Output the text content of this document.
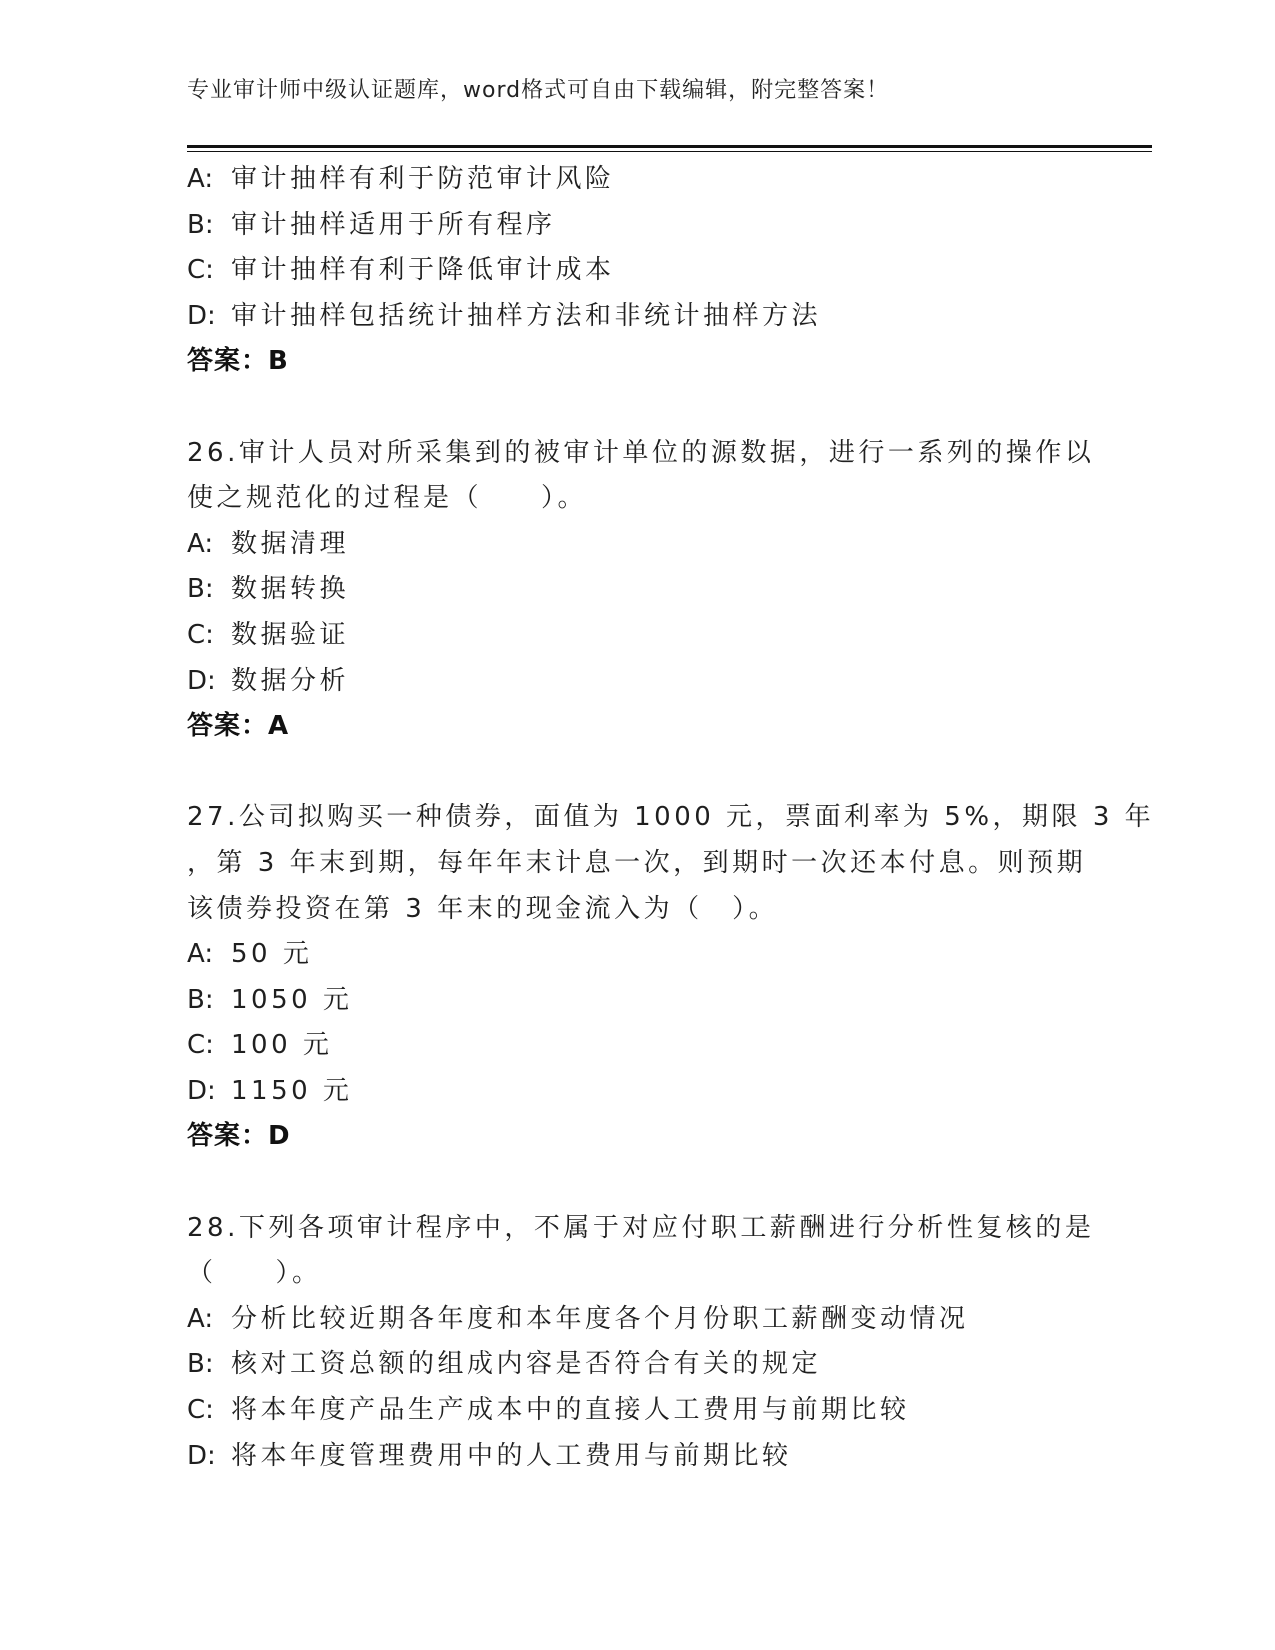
专业审计师中级认证题库，word格式可自由下载编辑，附完整答案！
A: 审计抽样有利于防范审计风险
B: 审计抽样适用于所有程序
C: 审计抽样有利于降低审计成本
D: 审计抽样包括统计抽样方法和非统计抽样方法
答案：B
26.审计人员对所采集到的被审计单位的源数据，进行一系列的操作以
使之规范化的过程是（　　）。
A: 数据清理
B: 数据转换
C: 数据验证
D: 数据分析
答案：A
27.公司拟购买一种债券，面值为 1000 元，票面利率为 5%，期限 3 年
，第 3 年末到期，每年年末计息一次，到期时一次还本付息。则预期
该债券投资在第 3 年末的现金流入为（　）。
A: 50 元
B: 1050 元
C: 100 元
D: 1150 元
答案：D
28.下列各项审计程序中，不属于对应付职工薪酬进行分析性复核的是
（　　）。
A: 分析比较近期各年度和本年度各个月份职工薪酬变动情况
B: 核对工资总额的组成内容是否符合有关的规定
C: 将本年度产品生产成本中的直接人工费用与前期比较
D: 将本年度管理费用中的人工费用与前期比较
